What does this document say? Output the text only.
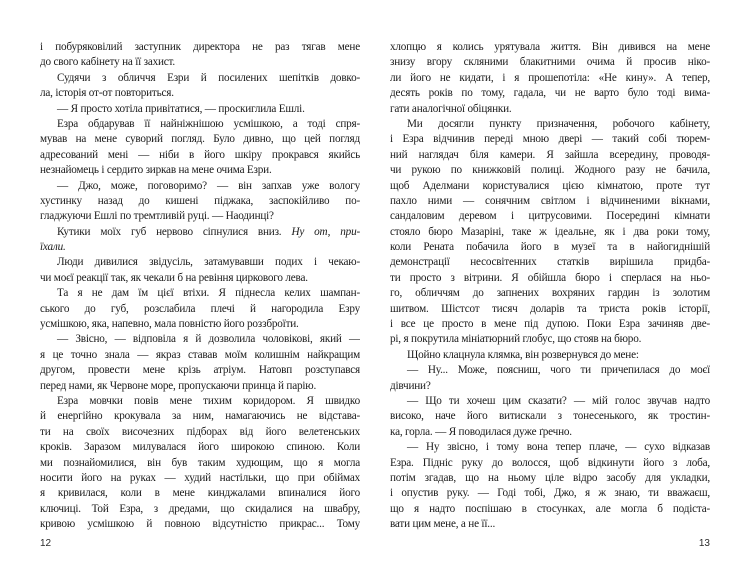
і побуряковілий заступник директора не раз тягав мене
до свого кабінету на її захист.
Судячи з обличчя Езри й посилених шепітків довко-
ла, історія от-от повториться.
— Я просто хотіла привітатися, — проскиглила Ешлі.
Езра обдарував її найніжнішою усмішкою, а тоді спря-
мував на мене суворий погляд. Було дивно, що цей погляд
адресований мені — ніби в його шкіру прокрався якийсь
незнайомець і сердито зиркав на мене очима Езри.
— Джо, може, поговоримо? — він запхав уже вологу
хустинку назад до кишені піджака, заспокійливо по-
гладжуючи Ешлі по тремтливій руці. — Наодинці?
Кутики моїх губ нервово сіпнулися вниз. Ну от, при-
їхали.
Люди дивилися звідусіль, затамувавши подих і чекаю-
чи моєї реакції так, як чекали б на ревіння циркового лева.
Та я не дам їм цієї втіхи. Я піднесла келих шампан-
ського до губ, розслабила плечі й нагородила Езру
усмішкою, яка, напевно, мала повністю його роззброїти.
— Звісно, — відповіла я й дозволила чоловікові, який —
я це точно знала — якраз ставав моїм колишнім найкращим
другом, провести мене крізь атріум. Натовп розступався
перед нами, як Червоне море, пропускаючи принца й парію.
Езра мовчки повів мене тихим коридором. Я швидко
й енергійно крокувала за ним, намагаючись не відстава-
ти на своїх височезних підборах від його велетенських
кроків. Заразом милувалася його широкою спиною. Коли
ми познайомилися, він був таким худющим, що я могла
носити його на руках — худий настільки, що при обіймах
я кривилася, коли в мене кинджалами впиналися його
ключиці. Той Езра, з дредами, що скидалися на швабру,
кривою усмішкою й повною відсутністю прикрас... Тому
12
хлопцю я колись урятувала життя. Він дивився на мене
знизу вгору скляними блакитними очима й просив ніко-
ли його не кидати, і я прошепотіла: «Не кину». А тепер,
десять років по тому, гадала, чи не варто було тоді вима-
гати аналогічної обіцянки.
Ми досягли пункту призначення, робочого кабінету,
і Езра відчинив переді мною двері — такий собі тюрем-
ний наглядач біля камери. Я зайшла всередину, проводя-
чи рукою по книжковій полиці. Жодного разу не бачила,
щоб Аделмани користувалися цією кімнатою, проте тут
пахло ними — сонячним світлом і відчиненими вікнами,
сандаловим деревом і цитрусовими. Посередині кімнати
стояло бюро Мазаріні, таке ж ідеальне, як і два роки тому,
коли Рената побачила його в музеї та в найогиднішій
демонстрації несосвітенних статків вирішила придба-
ти просто з вітрини. Я обійшла бюро і сперлася на ньо-
го, обличчям до запнених вохряних гардин із золотим
шитвом. Шістсот тисяч доларів та триста років історії,
і все це просто в мене під дупою. Поки Езра зачиняв две-
рі, я покрутила мініатюрний глобус, що стояв на бюро.
Щойно клацнула клямка, він розвернувся до мене:
— Ну... Може, поясниш, чого ти причепилася до моєї
дівчини?
— Що ти хочеш цим сказати? — мій голос звучав надто
високо, наче його витискали з тонесенького, як тростин-
ка, горла. — Я поводилася дуже ґречно.
— Ну звісно, і тому вона тепер плаче, — сухо відказав
Езра. Підніс руку до волосся, щоб відкинути його з лоба,
потім згадав, що на ньому ціле відро засобу для укладки,
і опустив руку. — Годі тобі, Джо, я ж знаю, ти вважаєш,
що я надто поспішаю в стосунках, але могла б подіста-
вати цим мене, а не її...
13
